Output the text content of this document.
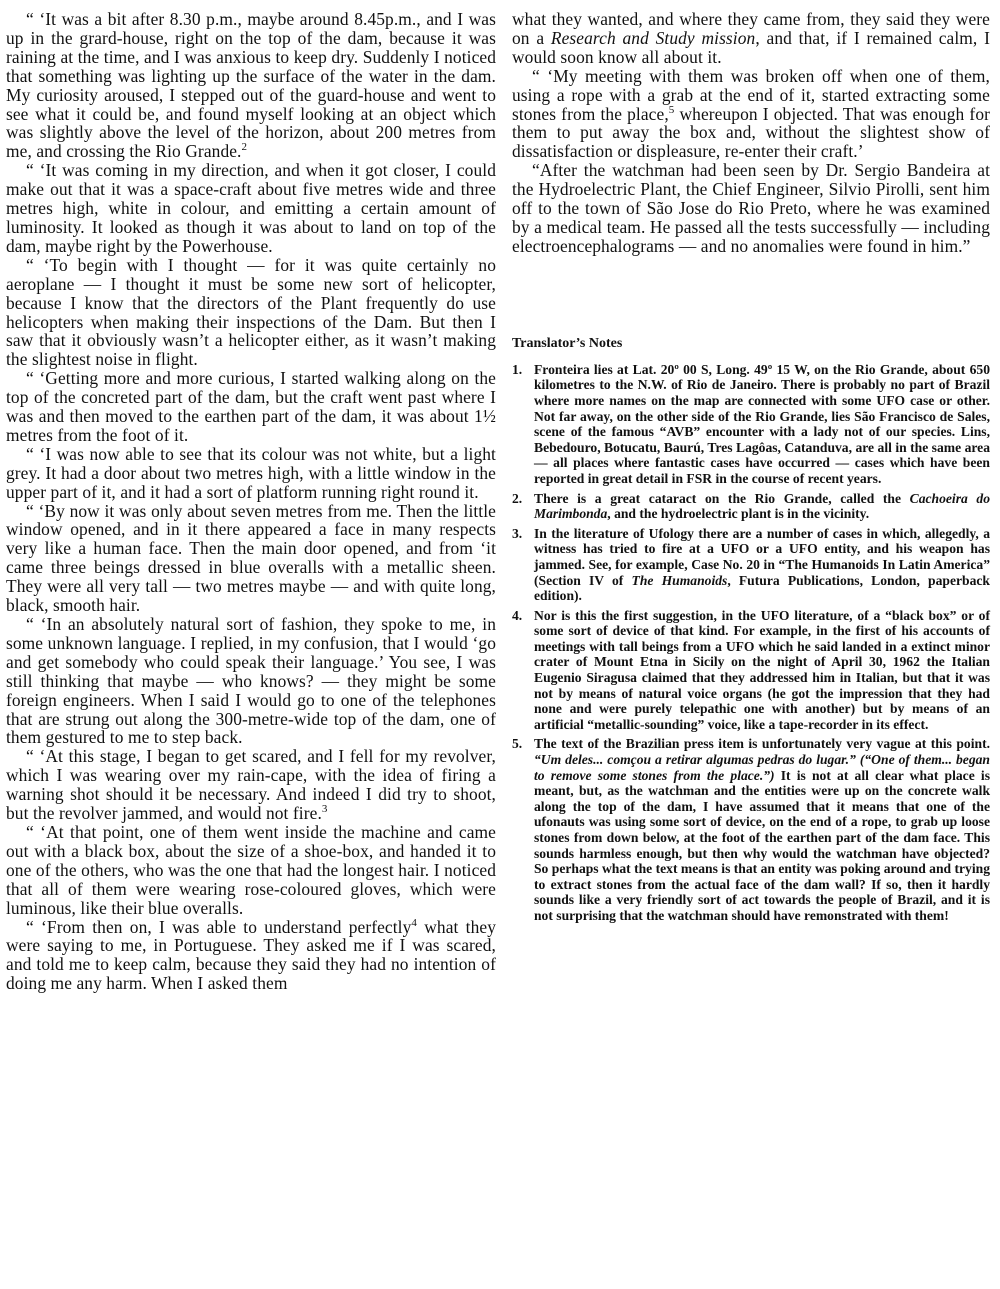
“ ‘It was a bit after 8.30 p.m., maybe around 8.45p.m., and I was up in the grard-house, right on the top of the dam, because it was raining at the time, and I was anxious to keep dry. Suddenly I noticed that something was lighting up the surface of the water in the dam. My curiosity aroused, I stepped out of the guard-house and went to see what it could be, and found myself looking at an object which was slightly above the level of the horizon, about 200 metres from me, and crossing the Rio Grande.$^2$

“ ‘It was coming in my direction, and when it got closer, I could make out that it was a space-craft about five metres wide and three metres high, white in colour, and emitting a certain amount of luminosity. It looked as though it was about to land on top of the dam, maybe right by the Powerhouse.

“ ‘To begin with I thought — for it was quite certainly no aeroplane — I thought it must be some new sort of helicopter, because I know that the directors of the Plant frequently do use helicopters when making their inspections of the Dam. But then I saw that it obviously wasn’t a helicopter either, as it wasn’t making the slightest noise in flight.

“ ‘Getting more and more curious, I started walking along on the top of the concreted part of the dam, but the craft went past where I was and then moved to the earthen part of the dam, it was about 1½ metres from the foot of it.

“ ‘I was now able to see that its colour was not white, but a light grey. It had a door about two metres high, with a little window in the upper part of it, and it had a sort of platform running right round it.

“ ‘By now it was only about seven metres from me. Then the little window opened, and in it there appeared a face in many respects very like a human face. Then the main door opened, and from ‘it came three beings dressed in blue overalls with a metallic sheen. They were all very tall — two metres maybe — and with quite long, black, smooth hair.

“ ‘In an absolutely natural sort of fashion, they spoke to me, in some unknown language. I replied, in my confusion, that I would ‘go and get somebody who could speak their language.’ You see, I was still thinking that maybe — who knows? — they might be some foreign engineers. When I said I would go to one of the telephones that are strung out along the 300-metre-wide top of the dam, one of them gestured to me to step back.

“ ‘At this stage, I began to get scared, and I fell for my revolver, which I was wearing over my rain-cape, with the idea of firing a warning shot should it be necessary. And indeed I did try to shoot, but the revolver jammed, and would not fire.$^3$

“ ‘At that point, one of them went inside the machine and came out with a black box, about the size of a shoe-box, and handed it to one of the others, who was the one that had the longest hair. I noticed that all of them were wearing rose-coloured gloves, which were luminous, like their blue overalls.

“ ‘From then on, I was able to understand perfectly$^4$ what they were saying to me, in Portuguese. They asked me if I was scared, and told me to keep calm, because they said they had no intention of doing me any harm. When I asked them

what they wanted, and where they came from, they said they were on a Research and Study mission, and that, if I remained calm, I would soon know all about it.

“ ‘My meeting with them was broken off when one of them, using a rope with a grab at the end of it, started extracting some stones from the place,$^5$ whereupon I objected. That was enough for them to put away the box and, without the slightest show of dissatisfaction or displeasure, re-enter their craft.’

“After the watchman had been seen by Dr. Sergio Bandeira at the Hydroelectric Plant, the Chief Engineer, Silvio Pirolli, sent him off to the town of São Jose do Rio Preto, where he was examined by a medical team. He passed all the tests successfully — including electroencephalograms — and no anomalies were found in him.”

Translator’s Notes

1. Fronteira lies at Lat. 20º 00 S, Long. 49º 15 W, on the Rio Grande, about 650 kilometres to the N.W. of Rio de Janeiro. There is probably no part of Brazil where more names on the map are connected with some UFO case or other. Not far away, on the other side of the Rio Grande, lies São Francisco de Sales, scene of the famous “AVB” encounter with a lady not of our species. Lins, Bebedouro, Botucatu, Baurú, Tres Lagôas, Catanduva, are all in the same area — all places where fantastic cases have occurred — cases which have been reported in great detail in FSR in the course of recent years.
2. There is a great cataract on the Rio Grande, called the Cachoeira do Marimbonda, and the hydroelectric plant is in the vicinity.
3. In the literature of Ufology there are a number of cases in which, allegedly, a witness has tried to fire at a UFO or a UFO entity, and his weapon has jammed. See, for example, Case No. 20 in “The Humanoids In Latin America” (Section IV of The Humanoids, Futura Publications, London, paperback edition).
4. Nor is this the first suggestion, in the UFO literature, of a “black box” or of some sort of device of that kind. For example, in the first of his accounts of meetings with tall beings from a UFO which he said landed in a extinct minor crater of Mount Etna in Sicily on the night of April 30, 1962 the Italian Eugenio Siragusa claimed that they addressed him in Italian, but that it was not by means of natural voice organs (he got the impression that they had none and were purely telepathic one with another) but by means of an artificial “metallic-sounding” voice, like a tape-recorder in its effect.
5. The text of the Brazilian press item is unfortunately very vague at this point. “Um deles... comçou a retirar algumas pedras do lugar.” (“One of them... began to remove some stones from the place.”) It is not at all clear what place is meant, but, as the watchman and the entities were up on the concrete walk along the top of the dam, I have assumed that it means that one of the ufonauts was using some sort of device, on the end of a rope, to grab up loose stones from down below, at the foot of the earthen part of the dam face. This sounds harmless enough, but then why would the watchman have objected? So perhaps what the text means is that an entity was poking around and trying to extract stones from the actual face of the dam wall? If so, then it hardly sounds like a very friendly sort of act towards the people of Brazil, and it is not surprising that the watchman should have remonstrated with them!
